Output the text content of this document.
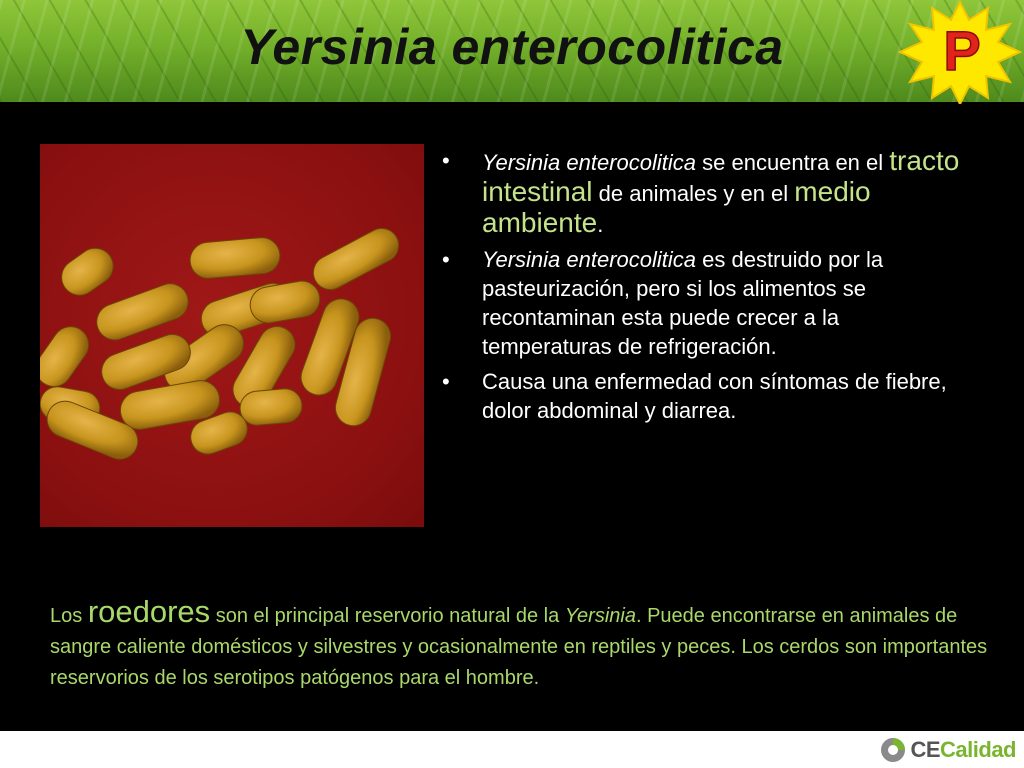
Yersinia enterocolitica	P
• Yersinia enterocolitica se encuentra en el tracto intestinal de animales y en el medio ambiente.
• Yersinia enterocolitica es destruido por la pasteurización, pero si los alimentos se recontaminan esta puede crecer a la temperaturas de refrigeración.
• Causa una enfermedad con síntomas de fiebre, dolor abdominal y diarrea.
Los roedores son el principal reservorio natural de la Yersinia. Puede encontrarse en animales de sangre caliente domésticos y silvestres y ocasionalmente en reptiles y peces. Los cerdos son importantes reservorios de los serotipos patógenos para el hombre.
CECalidad
